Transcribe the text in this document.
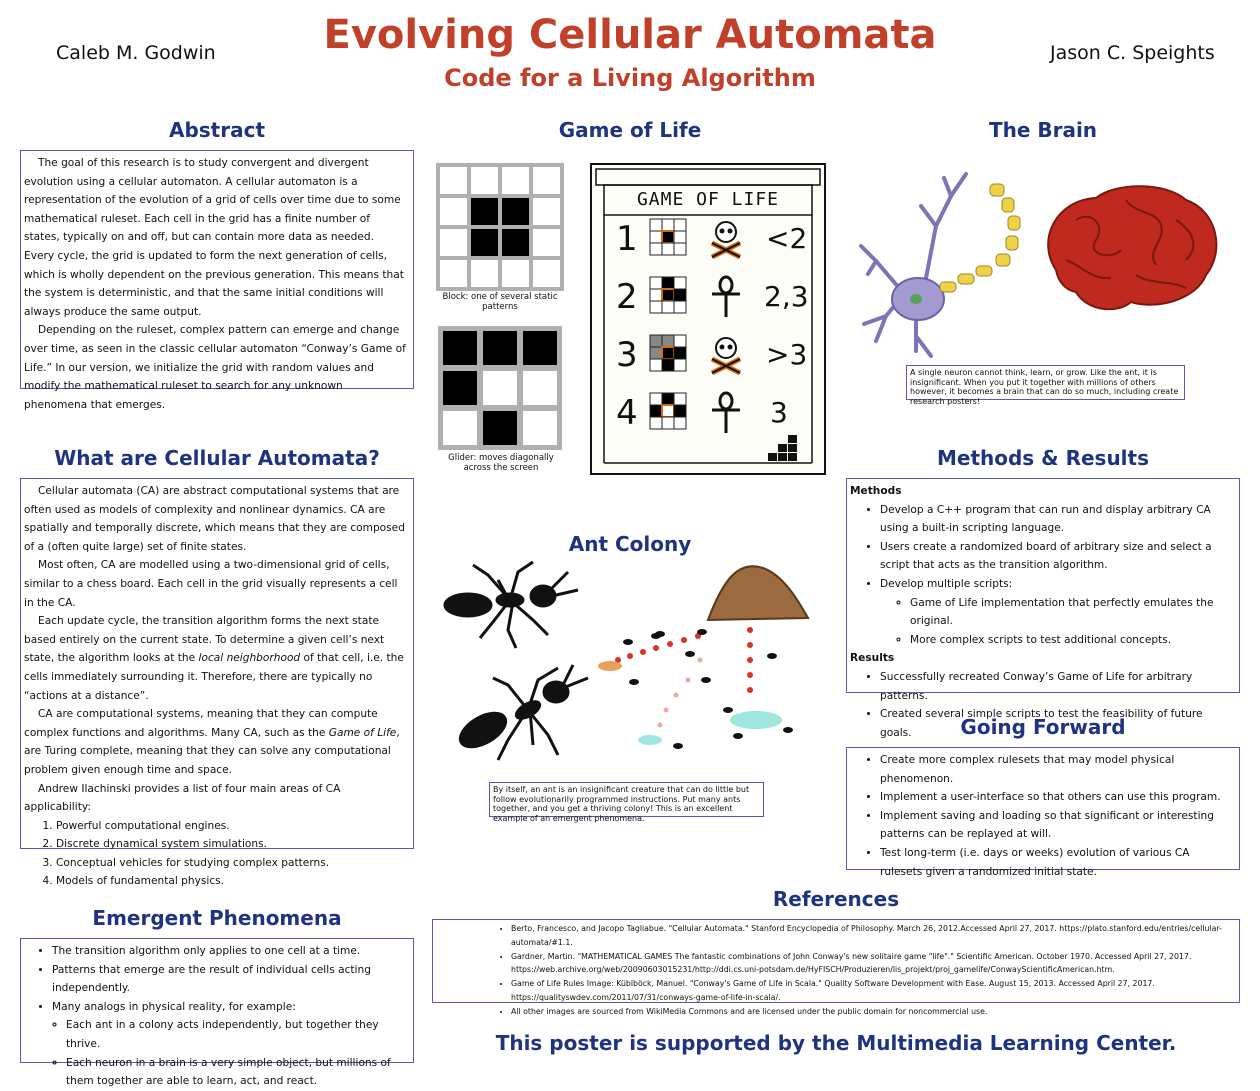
Caleb M. Godwin	Jason C. Speights
Evolving Cellular Automata
Code for a Living Algorithm
Abstract

The goal of this research is to study convergent and divergent evolution using a cellular automaton. A cellular automaton is a representation of the evolution of a grid of cells over time due to some mathematical ruleset. Each cell in the grid has a finite number of states, typically on and off, but can contain more data as needed. Every cycle, the grid is updated to form the next generation of cells, which is wholly dependent on the previous generation. This means that the system is deterministic, and that the same initial conditions will always produce the same output.

Depending on the ruleset, complex pattern can emerge and change over time, as seen in the classic cellular automaton “Conway’s Game of Life.” In our version, we initialize the grid with random values and modify the mathematical ruleset to search for any unknown phenomena that emerges.

What are Cellular Automata?

Cellular automata (CA) are abstract computational systems that are often used as models of complexity and nonlinear dynamics. CA are spatially and temporally discrete, which means that they are composed of a (often quite large) set of finite states.

Most often, CA are modelled using a two-dimensional grid of cells, similar to a chess board. Each cell in the grid visually represents a cell in the CA.

Each update cycle, the transition algorithm forms the next state based entirely on the current state. To determine a given cell’s next state, the algorithm looks at the local neighborhood of that cell, i.e. the cells immediately surrounding it. Therefore, there are typically no “actions at a distance”.

CA are computational systems, meaning that they can compute complex functions and algorithms. Many CA, such as the Game of Life, are Turing complete, meaning that they can solve any computational problem given enough time and space.

Andrew Ilachinski provides a list of four main areas of CA applicability:

1. Powerful computational engines.
2. Discrete dynamical system simulations.
3. Conceptual vehicles for studying complex patterns.
4. Models of fundamental physics.
Emergent Phenomena
• The transition algorithm only applies to one cell at a time.
• Patterns that emerge are the result of individual cells acting independently.
• Many analogs in physical reality, for example:
◦ Each ant in a colony acts independently, but together they thrive.
◦ Each neuron in a brain is a very simple object, but millions of them together are able to learn, act, and react.
Game of Life
Block: one of several static patterns
Glider: moves diagonally across the screen
GAME OF LIFE
1	<2
2	2,3
3	>3
4	3
The Brain
A single neuron cannot think, learn, or grow. Like the ant, it is insignificant. When you put it together with millions of others however, it becomes a brain that can do so much, including create research posters!
Ant Colony
By itself, an ant is an insignificant creature that can do little but follow evolutionarily programmed instructions. Put many ants together, and you get a thriving colony! This is an excellent example of an emergent phenomena.
Methods & Results
Methods
• Develop a C++ program that can run and display arbitrary CA using a built-in scripting language.
• Users create a randomized board of arbitrary size and select a script that acts as the transition algorithm.
• Develop multiple scripts:
◦ Game of Life implementation that perfectly emulates the original.
◦ More complex scripts to test additional concepts.
Results
• Successfully recreated Conway’s Game of Life for arbitrary patterns.
• Created several simple scripts to test the feasibility of future goals.	Going Forward
• Create more complex rulesets that may model physical phenomenon.
• Implement a user-interface so that others can use this program.
• Implement saving and loading so that significant or interesting patterns can be replayed at will.
• Test long-term (i.e. days or weeks) evolution of various CA rulesets given a randomized initial state.
References
• Berto, Francesco, and Jacopo Tagliabue. "Cellular Automata." Stanford Encyclopedia of Philosophy. March 26, 2012.Accessed April 27, 2017. https://plato.stanford.edu/entries/cellular-automata/#1.1.
• Gardner, Martin. "MATHEMATICAL GAMES The fantastic combinations of John Conway's new solitaire game "life"." Scientific American. October 1970. Accessed April 27, 2017.
https://web.archive.org/web/20090603015231/http://ddi.cs.uni-potsdam.de/HyFISCH/Produzieren/lis_projekt/proj_gamelife/ConwayScientificAmerican.htm.
• Game of Life Rules Image: Küblböck, Manuel. "Conway's Game of Life in Scala." Quality Software Development with Ease. August 15, 2013. Accessed April 27, 2017.
https://qualityswdev.com/2011/07/31/conways-game-of-life-in-scala/.
• All other images are sourced from WikiMedia Commons and are licensed under the public domain for noncommercial use.
This poster is supported by the Multimedia Learning Center.
